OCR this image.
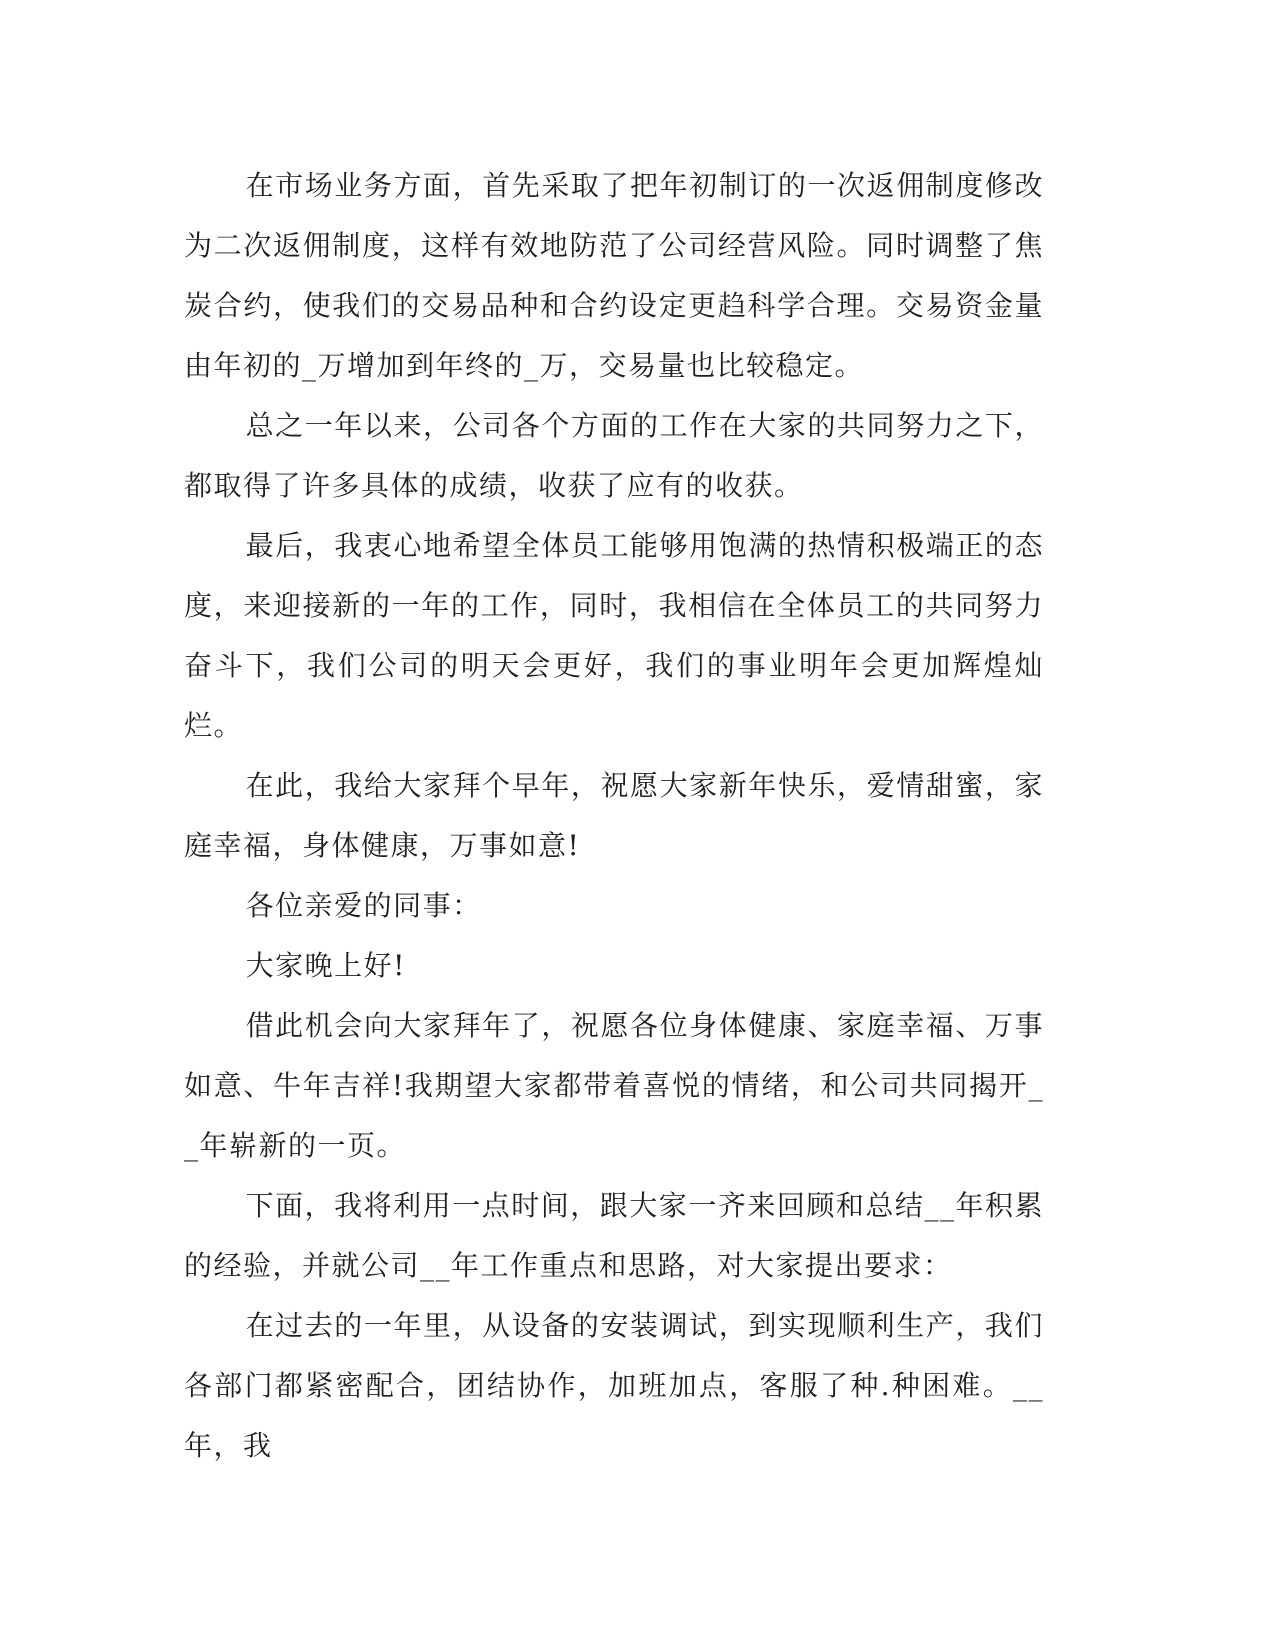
在市场业务方面，首先采取了把年初制订的一次返佣制度修改为二次返佣制度，这样有效地防范了公司经营风险。同时调整了焦炭合约，使我们的交易品种和合约设定更趋科学合理。交易资金量由年初的_万增加到年终的_万，交易量也比较稳定。

总之一年以来，公司各个方面的工作在大家的共同努力之下，都取得了许多具体的成绩，收获了应有的收获。

最后，我衷心地希望全体员工能够用饱满的热情积极端正的态度，来迎接新的一年的工作，同时，我相信在全体员工的共同努力奋斗下，我们公司的明天会更好，我们的事业明年会更加辉煌灿烂。

在此，我给大家拜个早年，祝愿大家新年快乐，爱情甜蜜，家庭幸福，身体健康，万事如意!

各位亲爱的同事：

大家晚上好!

借此机会向大家拜年了，祝愿各位身体健康、家庭幸福、万事如意、牛年吉祥!我期望大家都带着喜悦的情绪，和公司共同揭开__年崭新的一页。

下面，我将利用一点时间，跟大家一齐来回顾和总结__年积累的经验，并就公司__年工作重点和思路，对大家提出要求：

在过去的一年里，从设备的安装调试，到实现顺利生产，我们各部门都紧密配合，团结协作，加班加点，客服了种.种困难。__年，我
